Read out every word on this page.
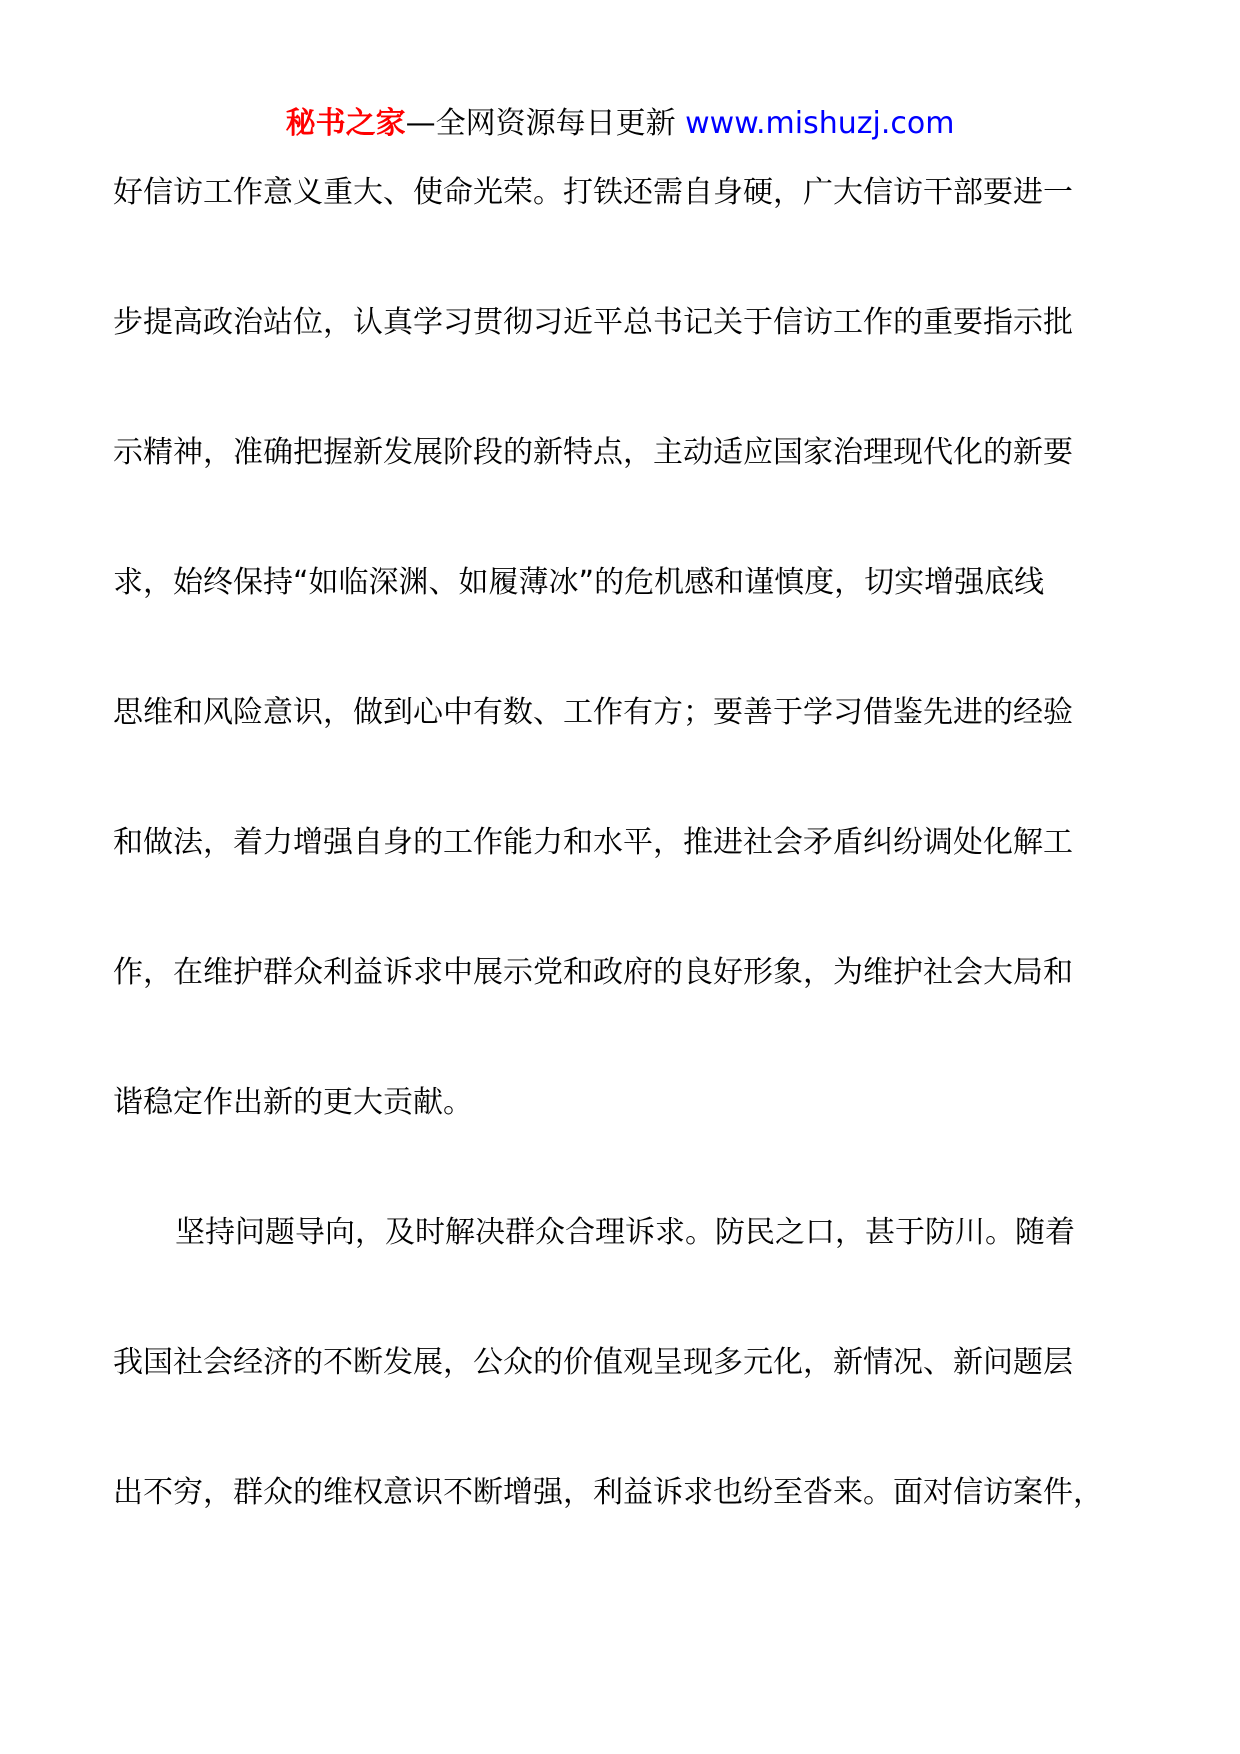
秘书之家—全网资源每日更新 www.mishuzj.com
好信访工作意义重大、使命光荣。打铁还需自身硬，广大信访干部要进一
步提高政治站位，认真学习贯彻习近平总书记关于信访工作的重要指示批
示精神，准确把握新发展阶段的新特点，主动适应国家治理现代化的新要
求，始终保持“如临深渊、如履薄冰”的危机感和谨慎度，切实增强底线
思维和风险意识，做到心中有数、工作有方；要善于学习借鉴先进的经验
和做法，着力增强自身的工作能力和水平，推进社会矛盾纠纷调处化解工
作，在维护群众利益诉求中展示党和政府的良好形象，为维护社会大局和
谐稳定作出新的更大贡献。
坚持问题导向，及时解决群众合理诉求。防民之口，甚于防川。随着
我国社会经济的不断发展，公众的价值观呈现多元化，新情况、新问题层
出不穷，群众的维权意识不断增强，利益诉求也纷至沓来。面对信访案件，
